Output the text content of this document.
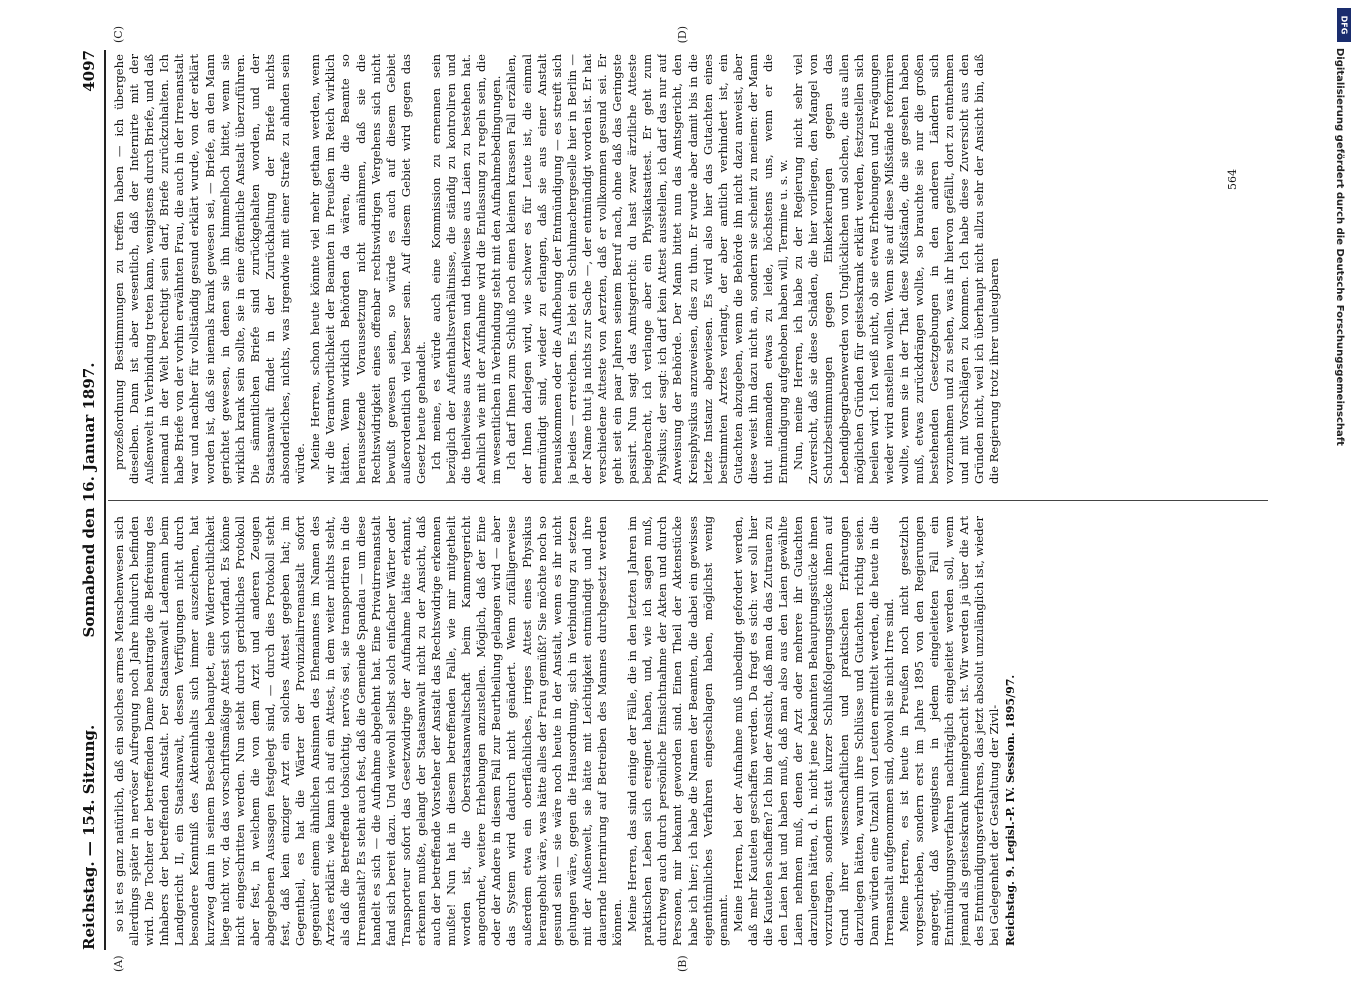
Reichstag. — 154. Sitzung.
Sonnabend den 16. Januar 1897.
4097
(A)	(B)
(C)	(D)

so ist es ganz natürlich, daß ein solches armes Menschenwesen sich allerdings später in nervöser Aufregung noch Jahre hindurch befinden wird. Die Tochter der betreffenden Dame beantragte die Befreiung des Inhabers der betreffenden Anstalt. Der Staatsanwalt Lademann beim Landgericht II, ein Staatsanwalt, dessen Verfügungen nicht durch besondere Kenntniß des Akteninhalts sich immer auszeichnen, hat kurzweg dann in seinem Bescheide behauptet, eine Widerrechtlichkeit liege nicht vor, da das vorschriftsmäßige Attest sich vorfand. Es könne nicht eingeschritten werden. Nun steht durch gerichtliches Protokoll aber fest, in welchem die von dem Arzt und anderen Zeugen abgegebenen Aussagen festgelegt sind, — durch dies Protokoll steht fest, daß kein einziger Arzt ein solches Attest gegeben hat; im Gegentheil, es hat die Wärter der Provinzialirrenanstalt sofort gegenüber einem ähnlichen Ansinnen des Ehemannes im Namen des Arztes erklärt: wie kann ich auf ein Attest, in dem weiter nichts steht, als daß die Betreffende tobsüchtig, nervös sei, sie transportiren in die Irrenanstalt? Es steht auch fest, daß die Gemeinde Spandau — um diese handelt es sich — die Aufnahme abgelehnt hat. Eine Privatirrenanstalt fand sich bereit dazu. Und wiewohl selbst solch einfacher Wärter oder Transporteur sofort das Gesetzwidrige der Aufnahme hätte erkannt, erkennen mußte, gelangt der Staatsanwalt nicht zu der Ansicht, daß auch der betreffende Vorsteher der Anstalt das Rechtswidrige erkennen mußte! Nun hat in diesem betreffenden Falle, wie mir mitgetheilt worden ist, die Oberstaatsanwaltschaft beim Kammergericht angeordnet, weitere Erhebungen anzustellen. Möglich, daß der Eine oder der Andere in diesem Fall zur Beurtheilung gelangen wird — aber das System wird dadurch nicht geändert. Wenn zufälligerweise außerdem etwa ein oberflächliches, irriges Attest eines Physikus herangeholt wäre, was hätte alles der Frau gemüßt? Sie möchte noch so gesund sein — sie wäre noch heute in der Anstalt, wenn es ihr nicht gelungen wäre, gegen die Hausordnung, sich in Verbindung zu setzen mit der Außenwelt, sie hätte mit Leichtigkeit entmündigt und ihre dauernde Internirung auf Betreiben des Mannes durchgesetzt werden können. Meine Herren, das sind einige der Fälle, die in den letzten Jahren im praktischen Leben sich ereignet haben, und, wie ich sagen muß, durchweg auch durch persönliche Einsichtnahme der Akten und durch Personen, mir bekannt geworden sind. Einen Theil der Aktenstücke habe ich hier; ich habe die Namen der Beamten, die dabei ein gewisses eigenthümliches Verfahren eingeschlagen haben, möglichst wenig genannt. Meine Herren, bei der Aufnahme muß unbedingt gefordert werden, daß mehr Kautelen geschaffen werden. Da fragt es sich: wer soll hier die Kautelen schaffen? Ich bin der Ansicht, daß man da das Zutrauen zu den Laien hat und haben muß, daß man also aus den Laien gewählte Laien nehmen muß, denen der Arzt oder mehrere ihr Gutachten darzulegen hätten, d. h. nicht jene bekannten Behauptungsstücke ihnen vorzutragen, sondern statt kurzer Schlußfolgerungsstücke ihnen auf Grund ihrer wissenschaftlichen und praktischen Erfahrungen darzulegen hätten, warum ihre Schlüsse und Gutachten richtig seien. Dann würden eine Unzahl von Leuten ermittelt werden, die heute in die Irrenanstalt aufgenommen sind, obwohl sie nicht Irre sind. Meine Herren, es ist heute in Preußen noch nicht gesetzlich vorgeschrieben, sondern erst im Jahre 1895 von den Regierungen angeregt, daß wenigstens in jedem eingeleiteten Fall ein Entmündigungsverfahren nachträglich eingeleitet werden soll, wenn jemand als geisteskrank hineingebracht ist. Wir werden ja über die Art des Entmündigungsverfahrens, das jetzt absolut unzulänglich ist, wieder bei Gelegenheit der Gestaltung der Zivil- Reichstag. 9. Legisl.-P. IV. Session. 1895/97.

prozeßordnung Bestimmungen zu treffen haben — ich übergehe dieselben. Dann ist aber wesentlich, daß der Internirte mit der Außenwelt in Verbindung treten kann, wenigstens durch Briefe, und daß niemand in der Welt berechtigt sein darf, Briefe zurückzuhalten. Ich habe Briefe von der vorhin erwähnten Frau, die auch in der Irrenanstalt war und nachher für vollständig gesund erklärt wurde, von der erklärt worden ist, daß sie niemals krank gewesen sei, — Briefe, an den Mann gerichtet gewesen, in denen sie ihn himmelhoch bittet, wenn sie wirklich krank sein sollte, sie in eine öffentliche Anstalt überzuführen. Die sämmtlichen Briefe sind zurückgehalten worden, und der Staatsanwalt findet in der Zurückhaltung der Briefe nichts absonderliches, nichts, was irgendwie mit einer Strafe zu ahnden sein würde. Meine Herren, schon heute könnte viel mehr gethan werden, wenn wir die Verantwortlichkeit der Beamten in Preußen im Reich wirklich hätten. Wenn wirklich Behörden da wären, die die Beamte so heraussetzende Voraussetzung nicht annähmen, daß sie die Rechtswidrigkeit eines offenbar rechtswidrigen Vergehens sich nicht bewußt gewesen seien, so würde es auch auf diesem Gebiet außerordentlich viel besser sein. Auf diesem Gebiet wird gegen das Gesetz heute gehandelt. Ich meine, es würde auch eine Kommission zu ernennen sein bezüglich der Aufenthaltsverhältnisse, die ständig zu kontroliren und die theilweise aus Aerzten und theilweise aus Laien zu bestehen hat. Aehnlich wie mit der Aufnahme wird die Entlassung zu regeln sein, die im wesentlichen in Verbindung steht mit den Aufnahmebedingungen. Ich darf Ihnen zum Schluß noch einen kleinen krassen Fall erzählen, der Ihnen darlegen wird, wie schwer es für Leute ist, die einmal entmündigt sind, wieder zu erlangen, daß sie aus einer Anstalt herauskommen oder die Aufhebung der Entmündigung — es streift sich ja beides — erreichen. Es lebt ein Schuhmachergeselle hier in Berlin — der Name thut ja nichts zur Sache —, der entmündigt worden ist. Er hat verschiedene Atteste von Aerzten, daß er vollkommen gesund sei. Er geht seit ein paar Jahren seinem Beruf nach, ohne daß das Geringste passirt. Nun sagt das Amtsgericht: du hast zwar ärztliche Atteste beigebracht, ich verlange aber ein Physikatsattest. Er geht zum Physikus; der sagt: ich darf kein Attest ausstellen, ich darf das nur auf Anweisung der Behörde. Der Mann bittet nun das Amtsgericht, den Kreisphysikus anzuweisen, dies zu thun. Er wurde aber damit bis in die letzte Instanz abgewiesen. Es wird also hier das Gutachten eines bestimmten Arztes verlangt, der aber amtlich verhindert ist, ein Gutachten abzugeben, wenn die Behörde ihn nicht dazu anweist, aber diese weist ihn dazu nicht an, sondern sie scheint zu meinen: der Mann thut niemanden etwas zu leide, höchstens uns, wenn er die Entmündigung aufgehoben haben will, Termine u. s. w. Nun, meine Herren, ich habe zu der Regierung nicht sehr viel Zuversicht, daß sie diese Schäden, die hier vorliegen, den Mangel von Schutzbestimmungen gegen Einkerkerungen gegen das Lebendigbegrabenwerden von Unglücklichen und solchen, die aus allen möglichen Gründen für geisteskrank erklärt werden, festzustellen sich beeilen wird. Ich weiß nicht, ob sie etwa Erhebungen und Erwägungen wieder wird anstellen wollen. Wenn sie auf diese Mißstände reformiren wollte, wenn sie in der That diese Mißstände, die sie gesehen haben muß, etwas zurückdrängen wollte, so brauchte sie nur die großen bestehenden Gesetzgebungen in den anderen Ländern sich vorzunehmen und zu sehen, was ihr hiervon gefällt, dort zu entnehmen und mit Vorschlägen zu kommen. Ich habe diese Zuversicht aus den Gründen nicht, weil ich überhaupt nicht allzu sehr der Ansicht bin, daß die Regierung trotz ihrer unleugbaren

564
DFG
Digitalisierung gefördert durch die Deutsche Forschungsgemeinschaft
